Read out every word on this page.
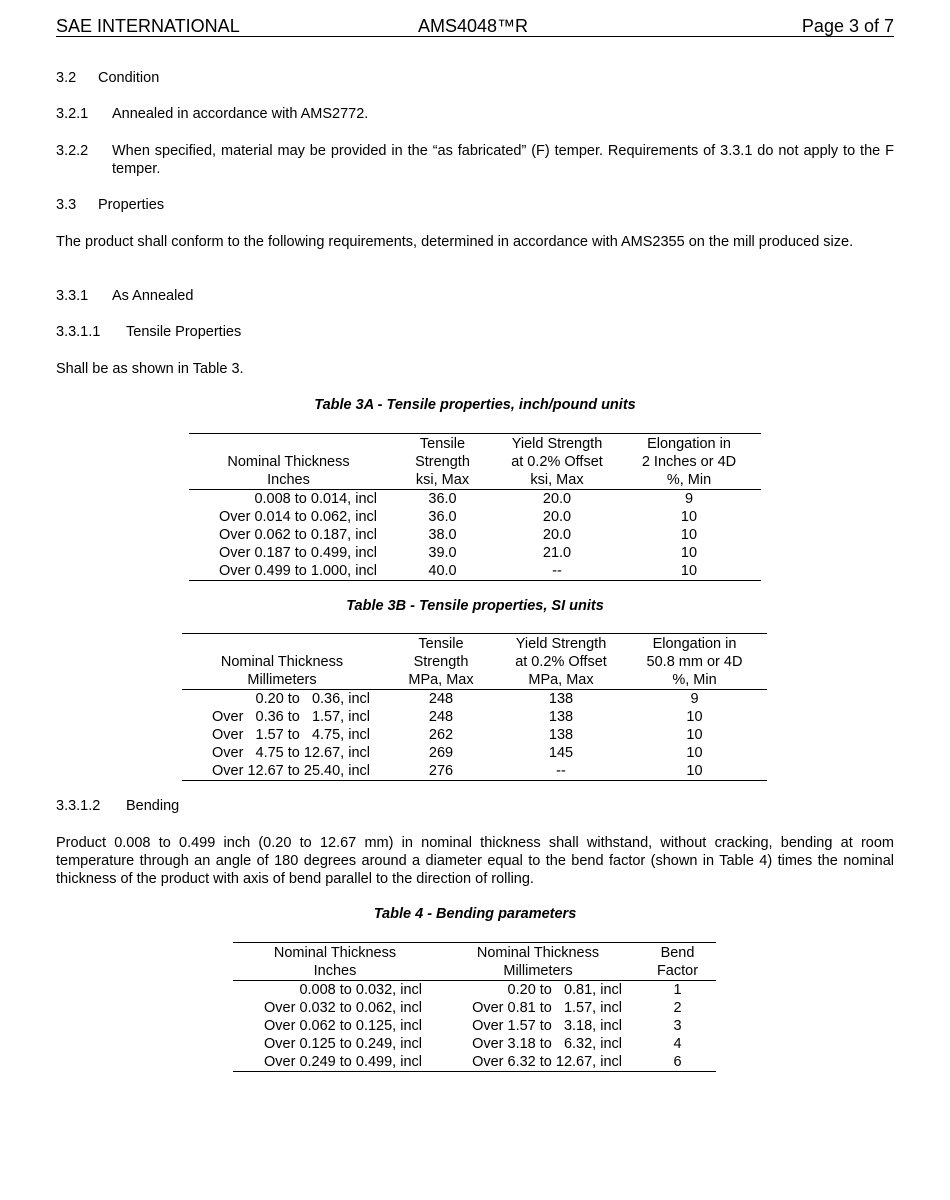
SAE INTERNATIONAL	AMS4048™R	Page 3 of 7
3.2 Condition
3.2.1 Annealed in accordance with AMS2772.
3.2.2 When specified, material may be provided in the “as fabricated” (F) temper. Requirements of 3.3.1 do not apply to the F temper.
3.3 Properties
The product shall conform to the following requirements, determined in accordance with AMS2355 on the mill produced size.
3.3.1 As Annealed
3.3.1.1 Tensile Properties
Shall be as shown in Table 3.
Table 3A - Tensile properties, inch/pound units
	Tensile	Yield Strength	Elongation in
Nominal Thickness	Strength	at 0.2% Offset	2 Inches or 4D
Inches	ksi, Max	ksi, Max	%, Min
0.008 to 0.014, incl	36.0	20.0	9
Over 0.014 to 0.062, incl	36.0	20.0	10
Over 0.062 to 0.187, incl	38.0	20.0	10
Over 0.187 to 0.499, incl	39.0	21.0	10
Over 0.499 to 1.000, incl	40.0	--	10
Table 3B - Tensile properties, SI units
	Tensile	Yield Strength	Elongation in
Nominal Thickness	Strength	at 0.2% Offset	50.8 mm or 4D
Millimeters	MPa, Max	MPa, Max	%, Min
0.20 to   0.36, incl	248	138	9
Over   0.36 to   1.57, incl	248	138	10
Over   1.57 to   4.75, incl	262	138	10
Over   4.75 to 12.67, incl	269	145	10
Over 12.67 to 25.40, incl	276	--	10
3.3.1.2 Bending
Product 0.008 to 0.499 inch (0.20 to 12.67 mm) in nominal thickness shall withstand, without cracking, bending at room temperature through an angle of 180 degrees around a diameter equal to the bend factor (shown in Table 4) times the nominal thickness of the product with axis of bend parallel to the direction of rolling.
Table 4 - Bending parameters
Nominal Thickness	Nominal Thickness	Bend
Inches	Millimeters	Factor
0.008 to 0.032, incl	0.20 to   0.81, incl	1
Over 0.032 to 0.062, incl	Over 0.81 to   1.57, incl	2
Over 0.062 to 0.125, incl	Over 1.57 to   3.18, incl	3
Over 0.125 to 0.249, incl	Over 3.18 to   6.32, incl	4
Over 0.249 to 0.499, incl	Over 6.32 to 12.67, incl	6
